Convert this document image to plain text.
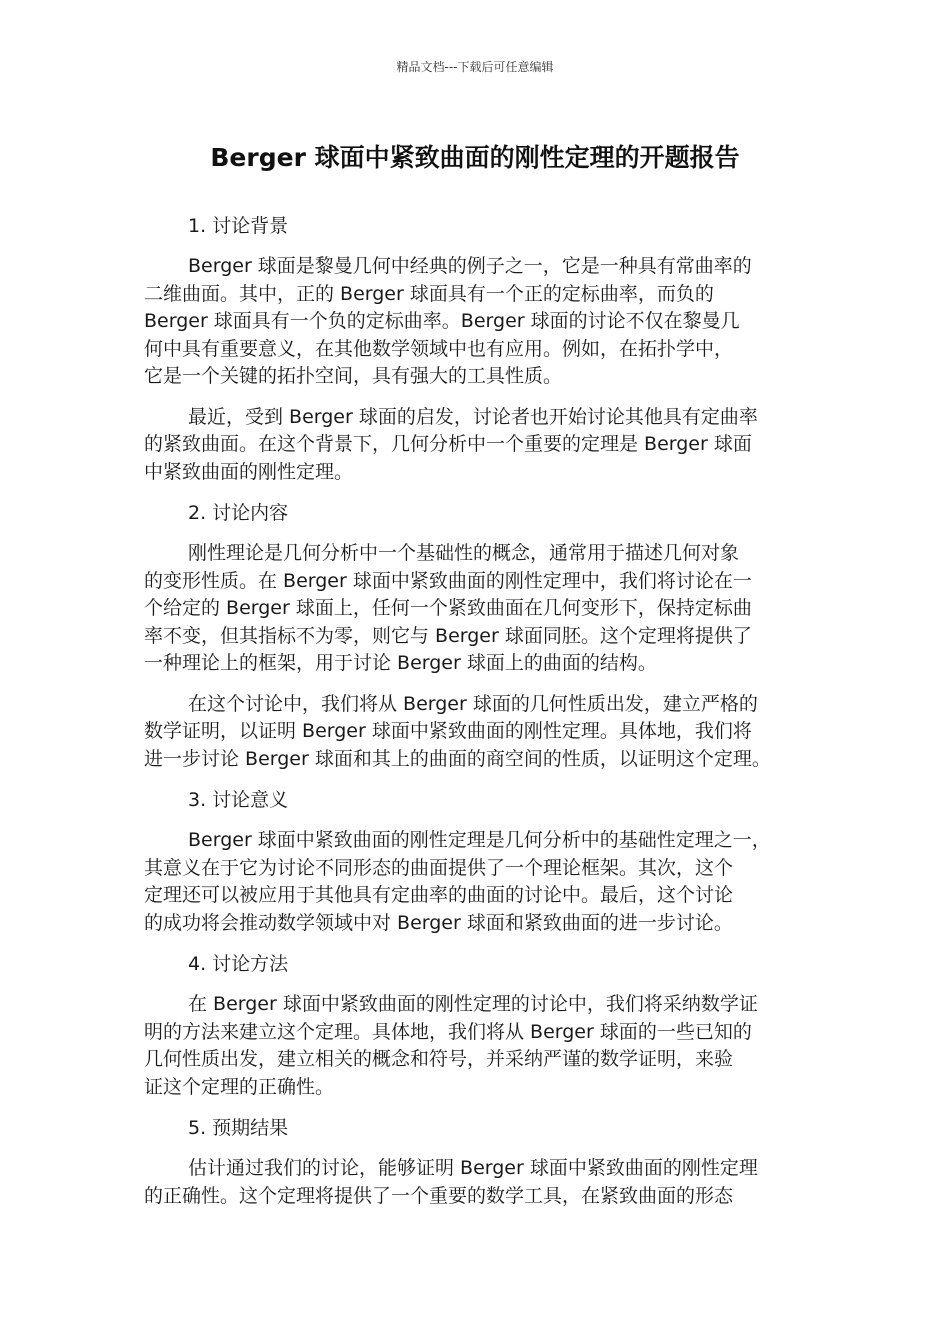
精品文档---下载后可任意编辑
Berger 球面中紧致曲面的刚性定理的开题报告
1. 讨论背景
Berger 球面是黎曼几何中经典的例子之一，它是一种具有常曲率的
二维曲面。其中，正的 Berger 球面具有一个正的定标曲率，而负的
Berger 球面具有一个负的定标曲率。Berger 球面的讨论不仅在黎曼几
何中具有重要意义，在其他数学领域中也有应用。例如，在拓扑学中，
它是一个关键的拓扑空间，具有强大的工具性质。
最近，受到 Berger 球面的启发，讨论者也开始讨论其他具有定曲率
的紧致曲面。在这个背景下，几何分析中一个重要的定理是 Berger 球面
中紧致曲面的刚性定理。
2. 讨论内容
刚性理论是几何分析中一个基础性的概念，通常用于描述几何对象
的变形性质。在 Berger 球面中紧致曲面的刚性定理中，我们将讨论在一
个给定的 Berger 球面上，任何一个紧致曲面在几何变形下，保持定标曲
率不变，但其指标不为零，则它与 Berger 球面同胚。这个定理将提供了
一种理论上的框架，用于讨论 Berger 球面上的曲面的结构。
在这个讨论中，我们将从 Berger 球面的几何性质出发，建立严格的
数学证明，以证明 Berger 球面中紧致曲面的刚性定理。具体地，我们将
进一步讨论 Berger 球面和其上的曲面的商空间的性质，以证明这个定理。
3. 讨论意义
Berger 球面中紧致曲面的刚性定理是几何分析中的基础性定理之一，
其意义在于它为讨论不同形态的曲面提供了一个理论框架。其次，这个
定理还可以被应用于其他具有定曲率的曲面的讨论中。最后，这个讨论
的成功将会推动数学领域中对 Berger 球面和紧致曲面的进一步讨论。
4. 讨论方法
在 Berger 球面中紧致曲面的刚性定理的讨论中，我们将采纳数学证
明的方法来建立这个定理。具体地，我们将从 Berger 球面的一些已知的
几何性质出发，建立相关的概念和符号，并采纳严谨的数学证明，来验
证这个定理的正确性。
5. 预期结果
估计通过我们的讨论，能够证明 Berger 球面中紧致曲面的刚性定理
的正确性。这个定理将提供了一个重要的数学工具，在紧致曲面的形态
